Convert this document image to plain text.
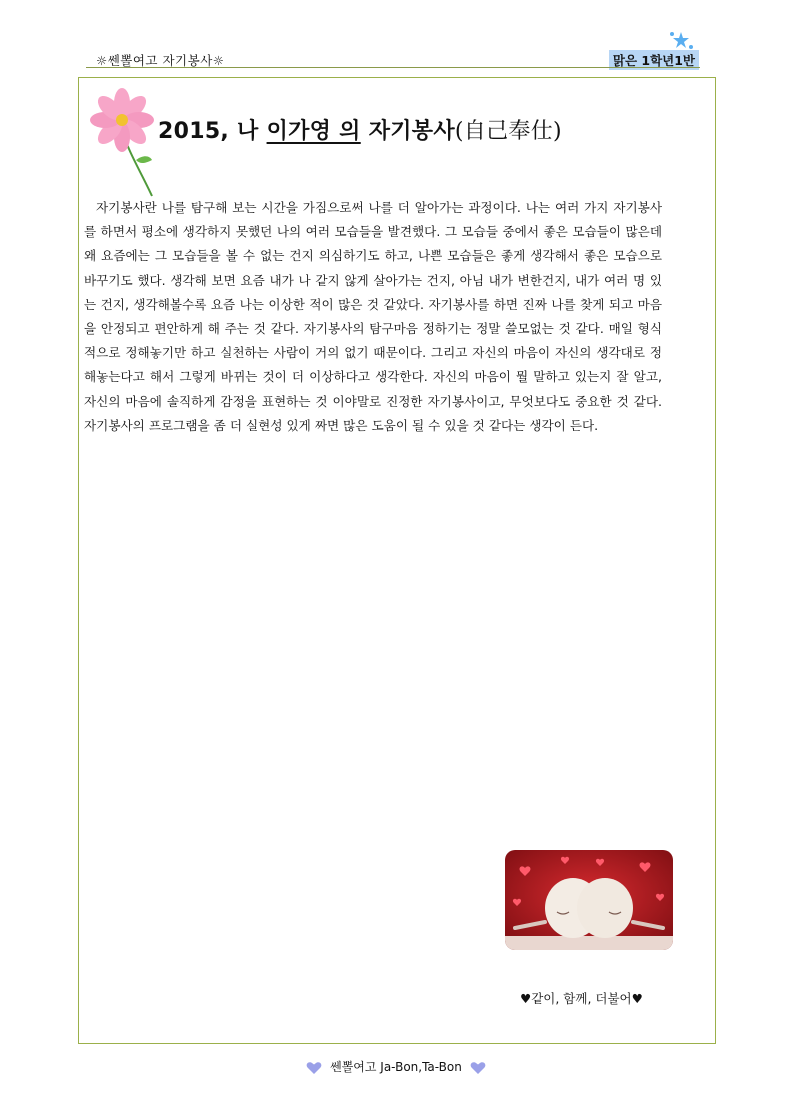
☼쎈뽈여고 자기봉사☼	맑은 1학년1반
2015, 나 이가영 의 자기봉사(自己奉仕)

자기봉사란 나를 탐구해 보는 시간을 가짐으로써 나를 더 알아가는 과정이다. 나는 여러 가지 자기봉사를 하면서 평소에 생각하지 못했던 나의 여러 모습들을 발견했다. 그 모습들 중에서 좋은 모습들이 많은데 왜 요즘에는 그 모습들을 볼 수 없는 건지 의심하기도 하고, 나쁜 모습들은 좋게 생각해서 좋은 모습으로 바꾸기도 했다. 생각해 보면 요즘 내가 나 같지 않게 살아가는 건지, 아님 내가 변한건지, 내가 여러 명 있는 건지, 생각해볼수록 요즘 나는 이상한 적이 많은 것 같았다. 자기봉사를 하면 진짜 나를 찾게 되고 마음을 안정되고 편안하게 해 주는 것 같다. 자기봉사의 탐구마음 정하기는 정말 쓸모없는 것 같다. 매일 형식적으로 정해놓기만 하고 실천하는 사람이 거의 없기 때문이다. 그리고 자신의 마음이 자신의 생각대로 정해놓는다고 해서 그렇게 바뀌는 것이 더 이상하다고 생각한다. 자신의 마음이 뭘 말하고 있는지 잘 알고, 자신의 마음에 솔직하게 감정을 표현하는 것 이야말로 진정한 자기봉사이고, 무엇보다도 중요한 것 같다. 자기봉사의 프로그램을 좀 더 실현성 있게 짜면 많은 도움이 될 수 있을 것 같다는 생각이 든다.

♥같이, 함께, 더불어♥
쎈뽈여고 Ja-Bon,Ta-Bon
